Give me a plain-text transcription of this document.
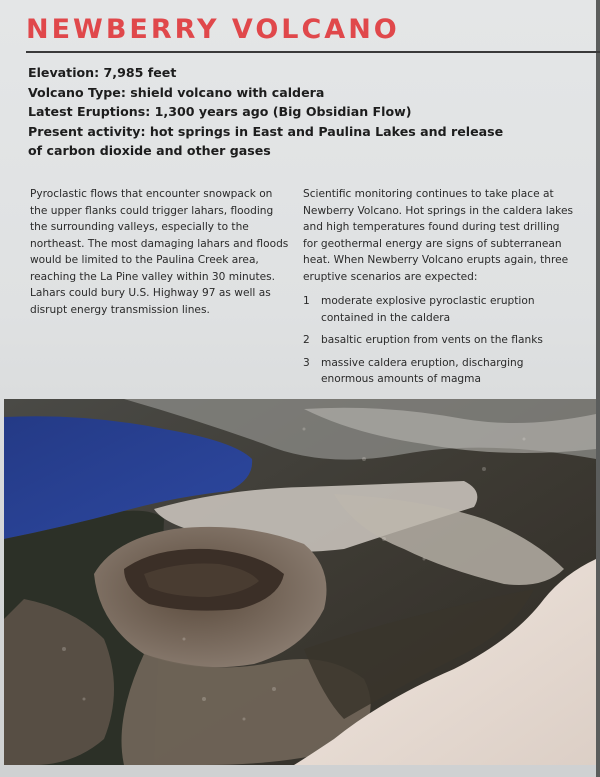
NEWBERRY VOLCANO
Elevation: 7,985 feet
Volcano Type: shield volcano with caldera
Latest Eruptions: 1,300 years ago (Big Obsidian Flow)
Present activity: hot springs in East and Paulina Lakes and release
of carbon dioxide and other gases

Pyroclastic flows that encounter snowpack on the upper flanks could trigger lahars, flooding the surrounding valleys, especially to the northeast. The most damaging lahars and floods would be limited to the Paulina Creek area, reaching the La Pine valley within 30 minutes. Lahars could bury U.S. Highway 97 as well as disrupt energy transmission lines.

Scientific monitoring continues to take place at Newberry Volcano. Hot springs in the caldera lakes and high temperatures found during test drilling for geothermal energy are signs of subterranean heat. When Newberry Volcano erupts again, three eruptive scenarios are expected:

1	moderate explosive pyroclastic eruption contained in the caldera
2	basaltic eruption from vents on the flanks
3	massive caldera eruption, discharging enormous amounts of magma
